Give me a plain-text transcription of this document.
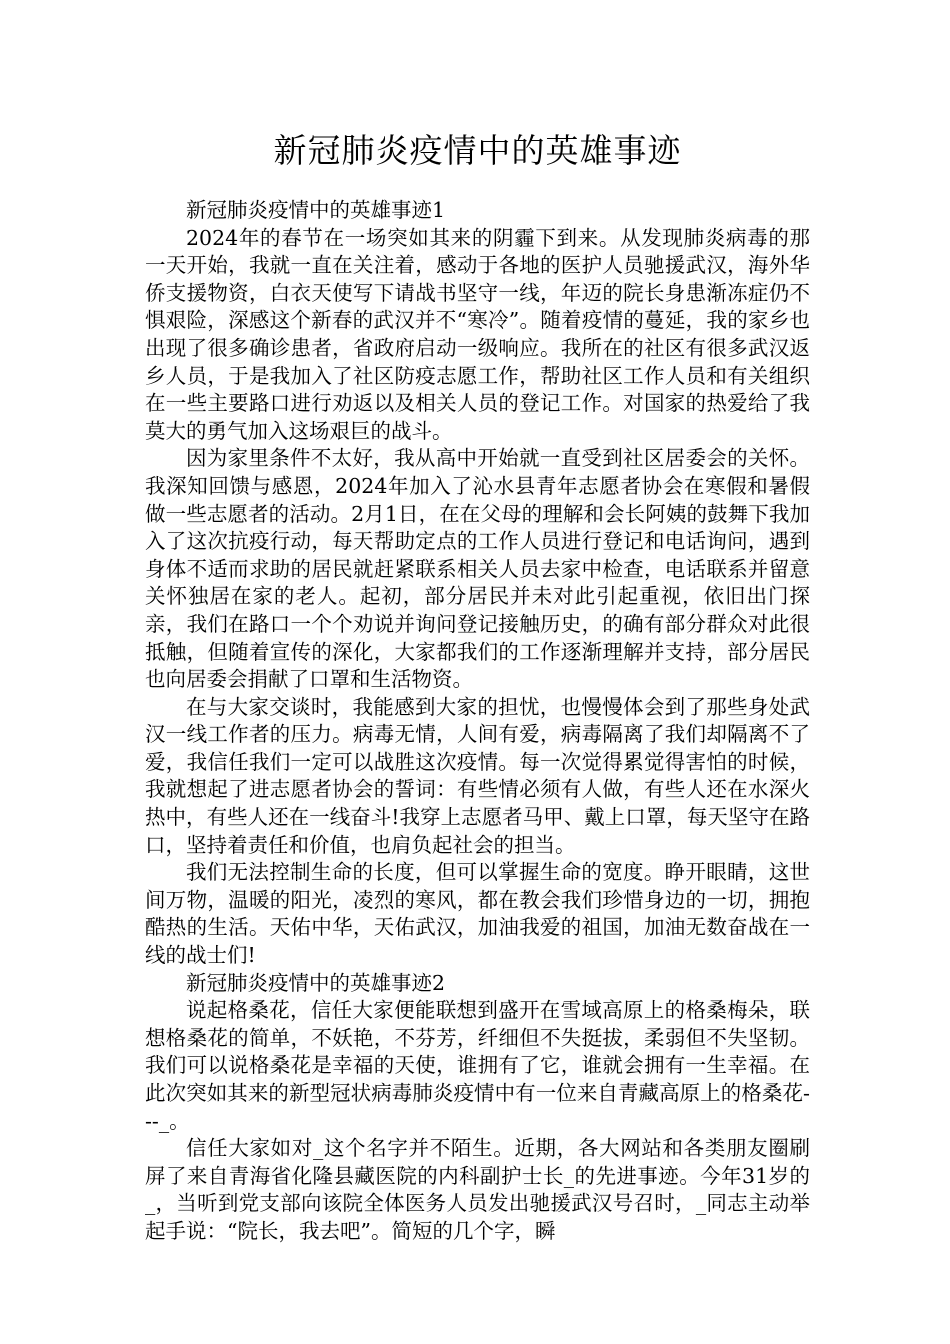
新冠肺炎疫情中的英雄事迹

新冠肺炎疫情中的英雄事迹1

2024年的春节在一场突如其来的阴霾下到来。从发现肺炎病毒的那一天开始，我就一直在关注着，感动于各地的医护人员驰援武汉，海外华侨支援物资，白衣天使写下请战书坚守一线，年迈的院长身患渐冻症仍不惧艰险，深感这个新春的武汉并不“寒冷”。随着疫情的蔓延，我的家乡也出现了很多确诊患者，省政府启动一级响应。我所在的社区有很多武汉返乡人员，于是我加入了社区防疫志愿工作，帮助社区工作人员和有关组织在一些主要路口进行劝返以及相关人员的登记工作。对国家的热爱给了我莫大的勇气加入这场艰巨的战斗。

因为家里条件不太好，我从高中开始就一直受到社区居委会的关怀。我深知回馈与感恩，2024年加入了沁水县青年志愿者协会在寒假和暑假做一些志愿者的活动。2月1日，在在父母的理解和会长阿姨的鼓舞下我加入了这次抗疫行动，每天帮助定点的工作人员进行登记和电话询问，遇到身体不适而求助的居民就赶紧联系相关人员去家中检查，电话联系并留意关怀独居在家的老人。起初，部分居民并未对此引起重视，依旧出门探亲，我们在路口一个个劝说并询问登记接触历史，的确有部分群众对此很抵触，但随着宣传的深化，大家都我们的工作逐渐理解并支持，部分居民也向居委会捐献了口罩和生活物资。

在与大家交谈时，我能感到大家的担忧，也慢慢体会到了那些身处武汉一线工作者的压力。病毒无情，人间有爱，病毒隔离了我们却隔离不了爱，我信任我们一定可以战胜这次疫情。每一次觉得累觉得害怕的时候，我就想起了进志愿者协会的誓词：有些情必须有人做，有些人还在水深火热中，有些人还在一线奋斗!我穿上志愿者马甲、戴上口罩，每天坚守在路口，坚持着责任和价值，也肩负起社会的担当。

我们无法控制生命的长度，但可以掌握生命的宽度。睁开眼睛，这世间万物，温暖的阳光，凌烈的寒风，都在教会我们珍惜身边的一切，拥抱酷热的生活。天佑中华，天佑武汉，加油我爱的祖国，加油无数奋战在一线的战士们!

新冠肺炎疫情中的英雄事迹2

说起格桑花，信任大家便能联想到盛开在雪域高原上的格桑梅朵，联想格桑花的简单，不妖艳，不芬芳，纤细但不失挺拔，柔弱但不失坚韧。我们可以说格桑花是幸福的天使，谁拥有了它，谁就会拥有一生幸福。在此次突如其来的新型冠状病毒肺炎疫情中有一位来自青藏高原上的格桑花---_。

信任大家如对_这个名字并不陌生。近期，各大网站和各类朋友圈刷屏了来自青海省化隆县藏医院的内科副护士长_的先进事迹。今年31岁的_，当听到党支部向该院全体医务人员发出驰援武汉号召时，_同志主动举起手说：“院长，我去吧”。简短的几个字，瞬
